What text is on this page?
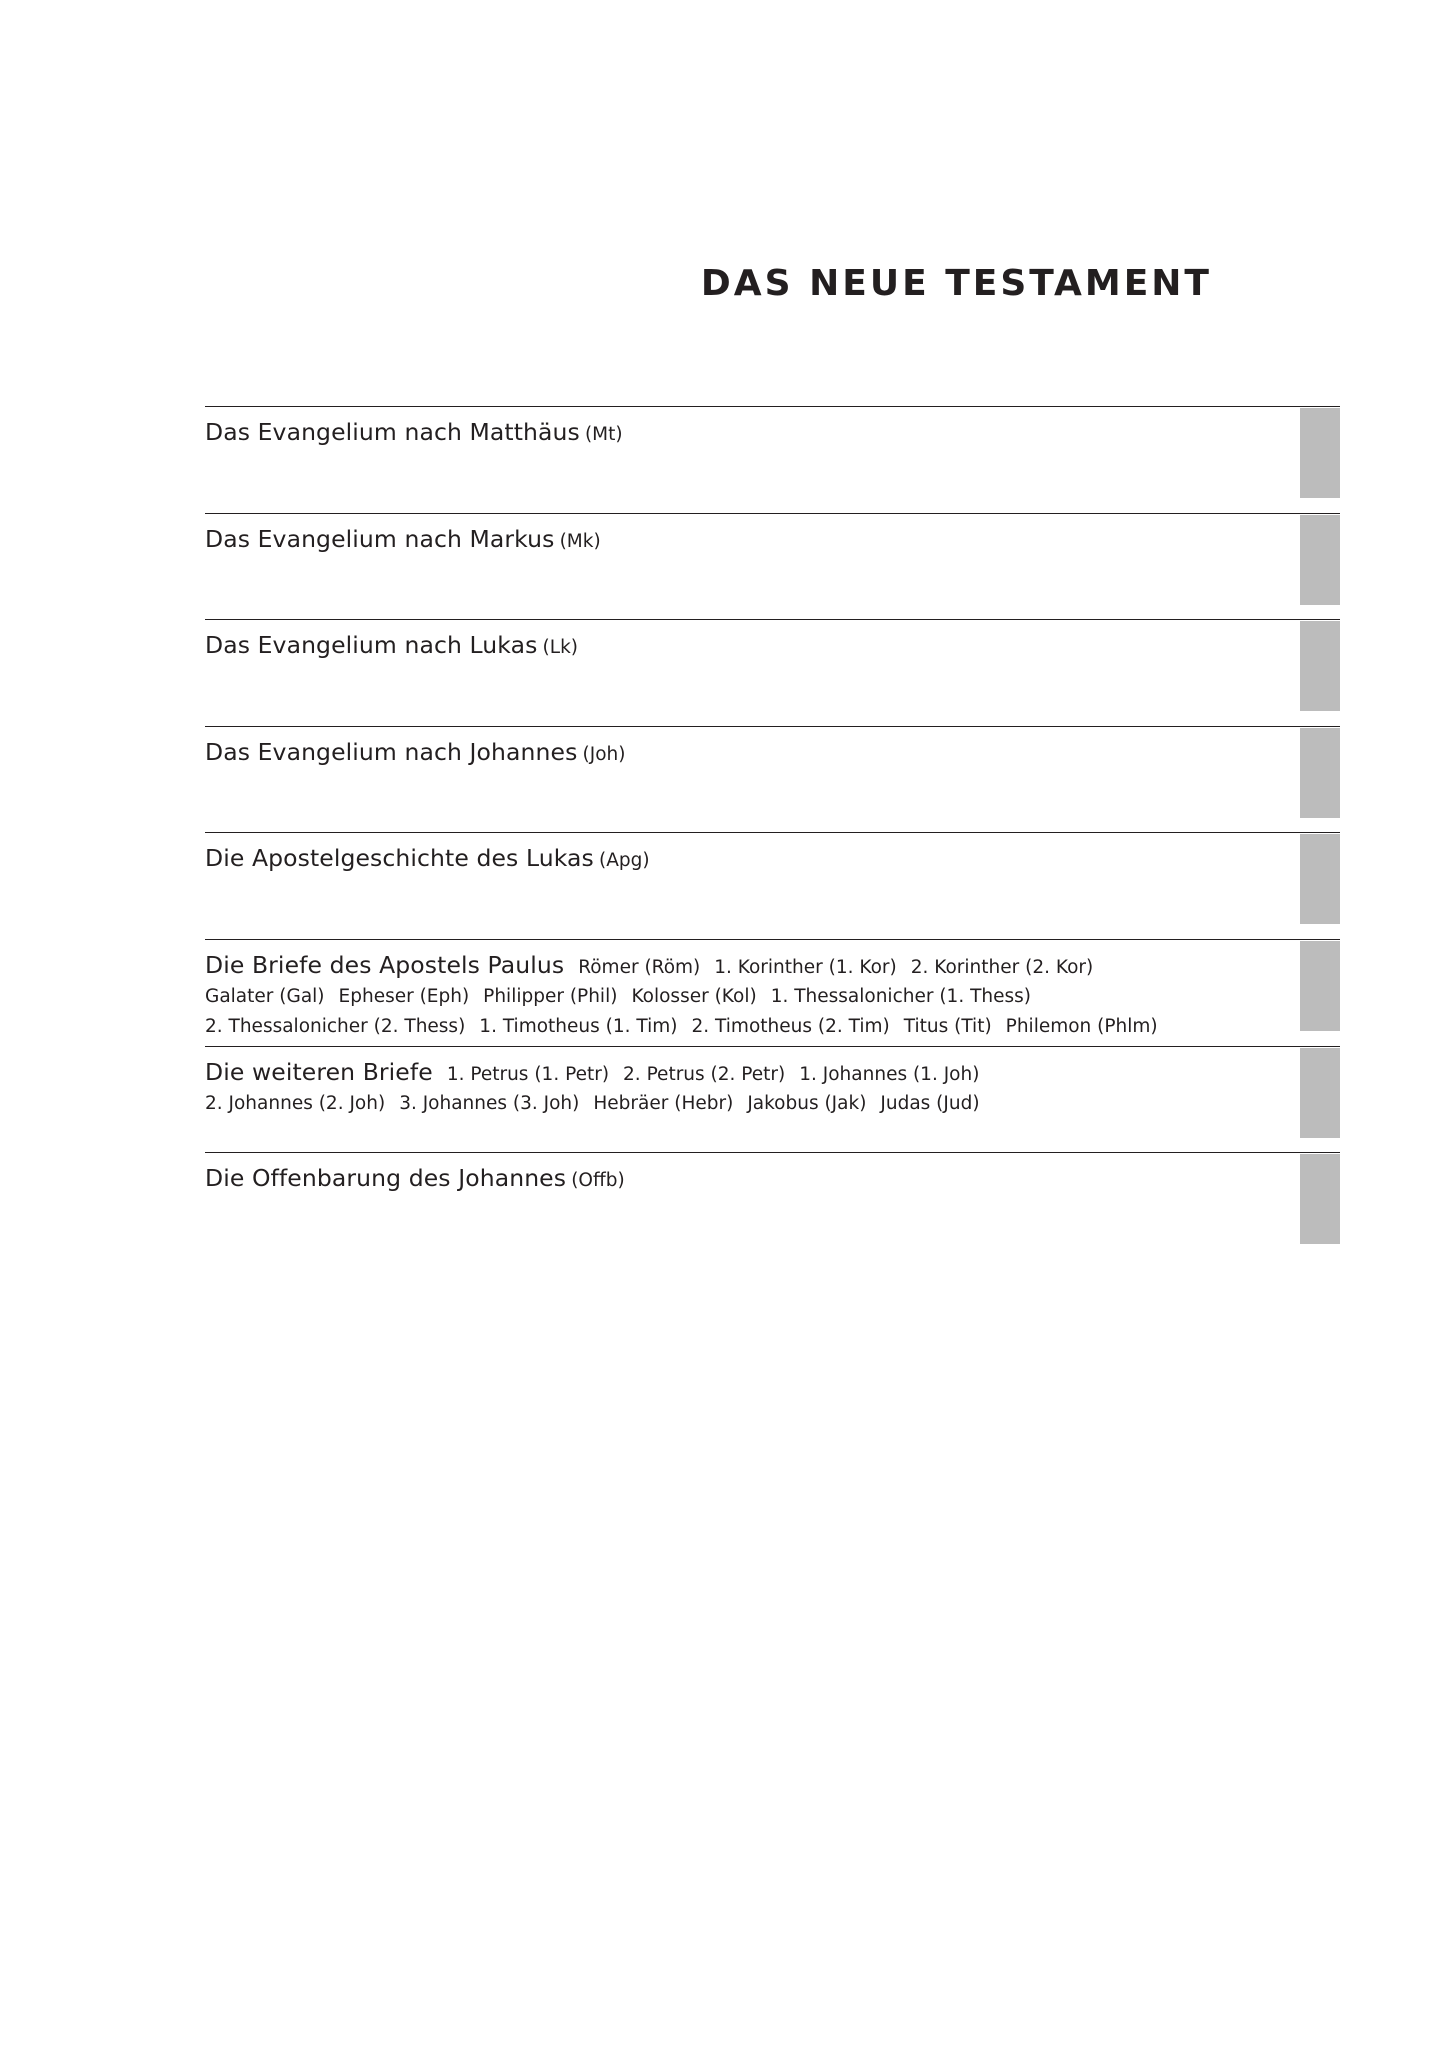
DAS NEUE TESTAMENT
Das Evangelium nach Matthäus (Mt)
Das Evangelium nach Markus (Mk)
Das Evangelium nach Lukas (Lk)
Das Evangelium nach Johannes (Joh)
Die Apostelgeschichte des Lukas (Apg)
Die Briefe des Apostels Paulus Römer (Röm) 1. Korinther (1. Kor) 2. Korinther (2. Kor)
Galater (Gal) Epheser (Eph) Philipper (Phil) Kolosser (Kol) 1. Thessalonicher (1. Thess)
2. Thessalonicher (2. Thess) 1. Timotheus (1. Tim) 2. Timotheus (2. Tim) Titus (Tit) Philemon (Phlm)
Die weiteren Briefe 1. Petrus (1. Petr) 2. Petrus (2. Petr) 1. Johannes (1. Joh)
2. Johannes (2. Joh) 3. Johannes (3. Joh) Hebräer (Hebr) Jakobus (Jak) Judas (Jud)
Die Offenbarung des Johannes (Offb)
